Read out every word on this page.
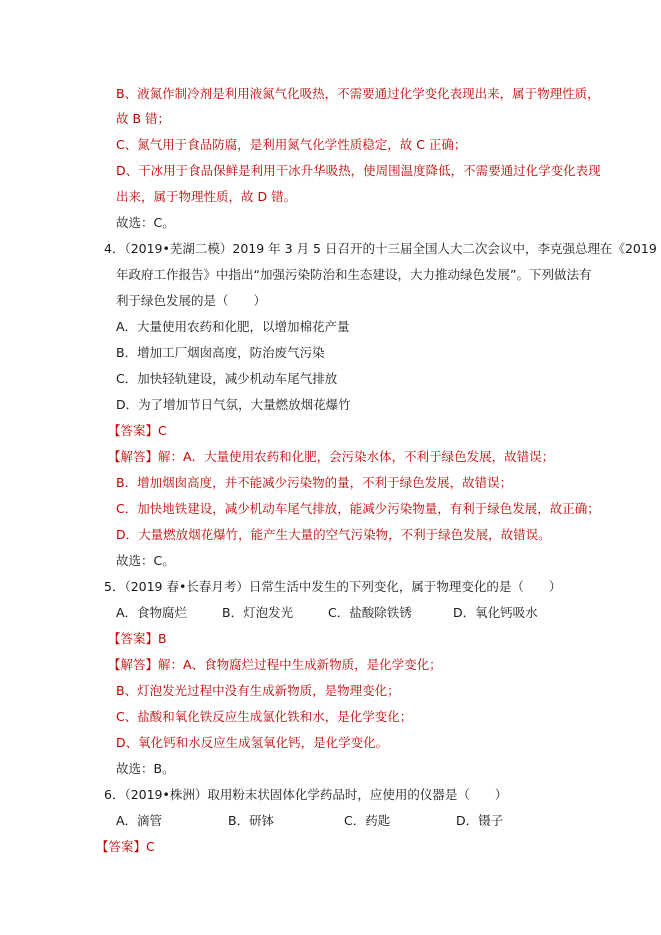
B、液氮作制冷剂是利用液氮气化吸热，不需要通过化学变化表现出来，属于物理性质，
故 B 错；
C、氮气用于食品防腐，是利用氮气化学性质稳定，故 C 正确；
D、干冰用于食品保鲜是利用干冰升华吸热，使周围温度降低，不需要通过化学变化表现
出来，属于物理性质，故 D 错。
故选：C。
4．（2019•芜湖二模）2019 年 3 月 5 日召开的十三届全国人大二次会议中，李克强总理在《2019
年政府工作报告》中指出“加强污染防治和生态建设，大力推动绿色发展”。下列做法有
利于绿色发展的是（　　）
A．大量使用农药和化肥，以增加棉花产量
B．增加工厂烟囱高度，防治废气污染
C．加快轻轨建设，减少机动车尾气排放
D．为了增加节日气氛，大量燃放烟花爆竹
【答案】C
【解答】解：A．大量使用农药和化肥，会污染水体，不利于绿色发展，故错误；
B．增加烟囱高度，并不能减少污染物的量，不利于绿色发展，故错误；
C．加快地铁建设，减少机动车尾气排放，能减少污染物量，有利于绿色发展，故正确；
D．大量燃放烟花爆竹，能产生大量的空气污染物，不利于绿色发展，故错误。
故选：C。
5．（2019 春•长春月考）日常生活中发生的下列变化，属于物理变化的是（　　）
A．食物腐烂	B．灯泡发光	C．盐酸除铁锈	D．氧化钙吸水
【答案】B
【解答】解：A、食物腐烂过程中生成新物质，是化学变化；
B、灯泡发光过程中没有生成新物质，是物理变化；
C、盐酸和氧化铁反应生成氯化铁和水，是化学变化；
D、氧化钙和水反应生成氢氧化钙，是化学变化。
故选：B。
6．（2019•株洲）取用粉末状固体化学药品时，应使用的仪器是（　　）
A．滴管	B．研钵	C．药匙	D．镊子
【答案】C
